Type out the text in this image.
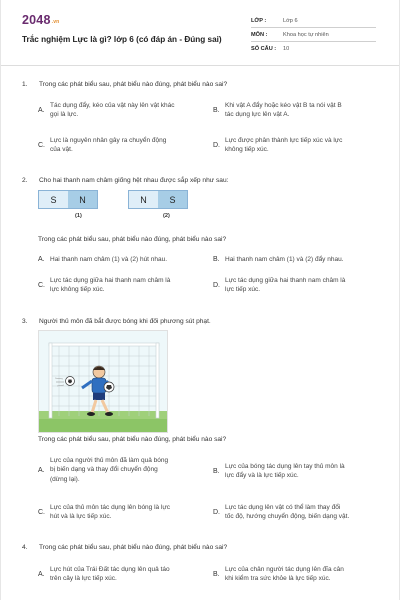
2048.vn
Trắc nghiệm Lực là gì? lớp 6 (có đáp án - Đúng sai)
LỚP :	Lớp 6
MÔN :	Khoa học tự nhiên
SỐ CÂU :	10
1. Trong các phát biểu sau, phát biểu nào đúng, phát biểu nào sai?
A.
Tác dụng đẩy, kéo của vật này lên vật khác
gọi là lực.
B.
Khi vật A đẩy hoặc kéo vật B ta nói vật B
tác dụng lực lên vật A.
C.
Lực là nguyên nhân gây ra chuyển động
của vật.
D.
Lực được phân thành lực tiếp xúc và lực
không tiếp xúc.
2. Cho hai thanh nam châm giống hệt nhau được sắp xếp như sau:
S	N	N	S
(1)	(2)
Trong các phát biểu sau, phát biểu nào đúng, phát biểu nào sai?
A. Hai thanh nam châm (1) và (2) hút nhau.	B. Hai thanh nam châm (1) và (2) đẩy nhau.
C.
Lực tác dụng giữa hai thanh nam châm là
lực không tiếp xúc.
D.
Lực tác dụng giữa hai thanh nam châm là
lực tiếp xúc.
3. Người thủ môn đã bắt được bóng khi đối phương sút phạt.
Trong các phát biểu sau, phát biểu nào đúng, phát biểu nào sai?
A.
Lực của người thủ môn đã làm quả bóng
bị biến dạng và thay đổi chuyển động
(dừng lại).
B.
Lực của bóng tác dụng lên tay thủ môn là
lực đẩy và là lực tiếp xúc.
C.
Lực của thủ môn tác dụng lên bóng là lực
hút và là lực tiếp xúc.
D.
Lực tác dụng lên vật có thể làm thay đổi
tốc độ, hướng chuyển động, biến dạng vật.
4. Trong các phát biểu sau, phát biểu nào đúng, phát biểu nào sai?
A.
Lực hút của Trái Đất tác dụng lên quả táo
trên cây là lực tiếp xúc.
B.
Lực của chân người tác dụng lên đĩa cân
khi kiểm tra sức khỏe là lực tiếp xúc.
